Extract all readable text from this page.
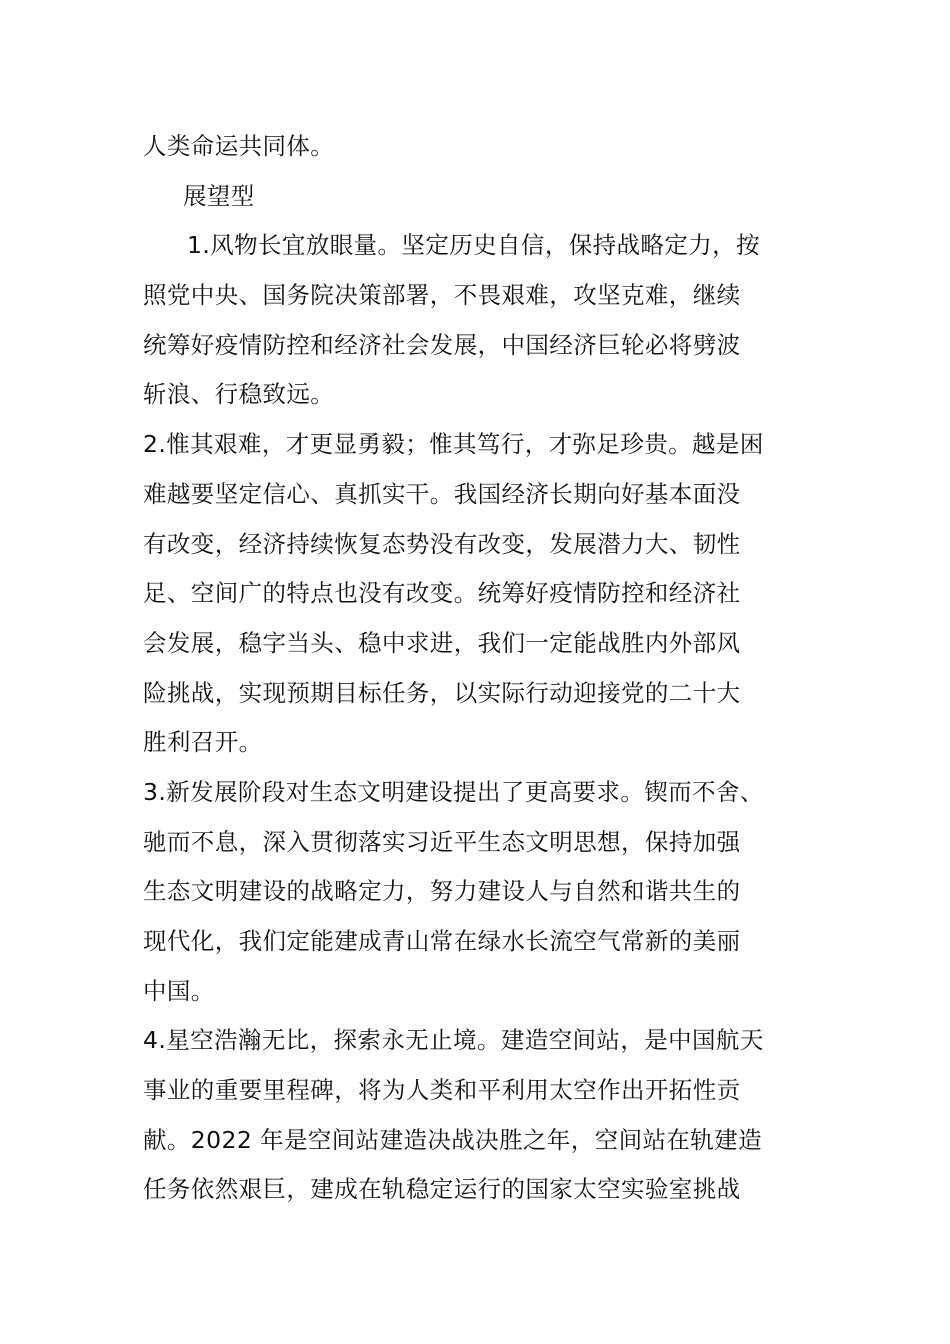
人类命运共同体。
展望型
1.风物长宜放眼量。坚定历史自信，保持战略定力，按
照党中央、国务院决策部署，不畏艰难，攻坚克难，继续
统筹好疫情防控和经济社会发展，中国经济巨轮必将劈波
斩浪、行稳致远。
2.惟其艰难，才更显勇毅；惟其笃行，才弥足珍贵。越是困
难越要坚定信心、真抓实干。我国经济长期向好基本面没
有改变，经济持续恢复态势没有改变，发展潜力大、韧性
足、空间广的特点也没有改变。统筹好疫情防控和经济社
会发展，稳字当头、稳中求进，我们一定能战胜内外部风
险挑战，实现预期目标任务，以实际行动迎接党的二十大
胜利召开。
3.新发展阶段对生态文明建设提出了更高要求。锲而不舍、
驰而不息，深入贯彻落实习近平生态文明思想，保持加强
生态文明建设的战略定力，努力建设人与自然和谐共生的
现代化，我们定能建成青山常在绿水长流空气常新的美丽
中国。
4.星空浩瀚无比，探索永无止境。建造空间站，是中国航天
事业的重要里程碑，将为人类和平利用太空作出开拓性贡
献。2022 年是空间站建造决战决胜之年，空间站在轨建造
任务依然艰巨，建成在轨稳定运行的国家太空实验室挑战
